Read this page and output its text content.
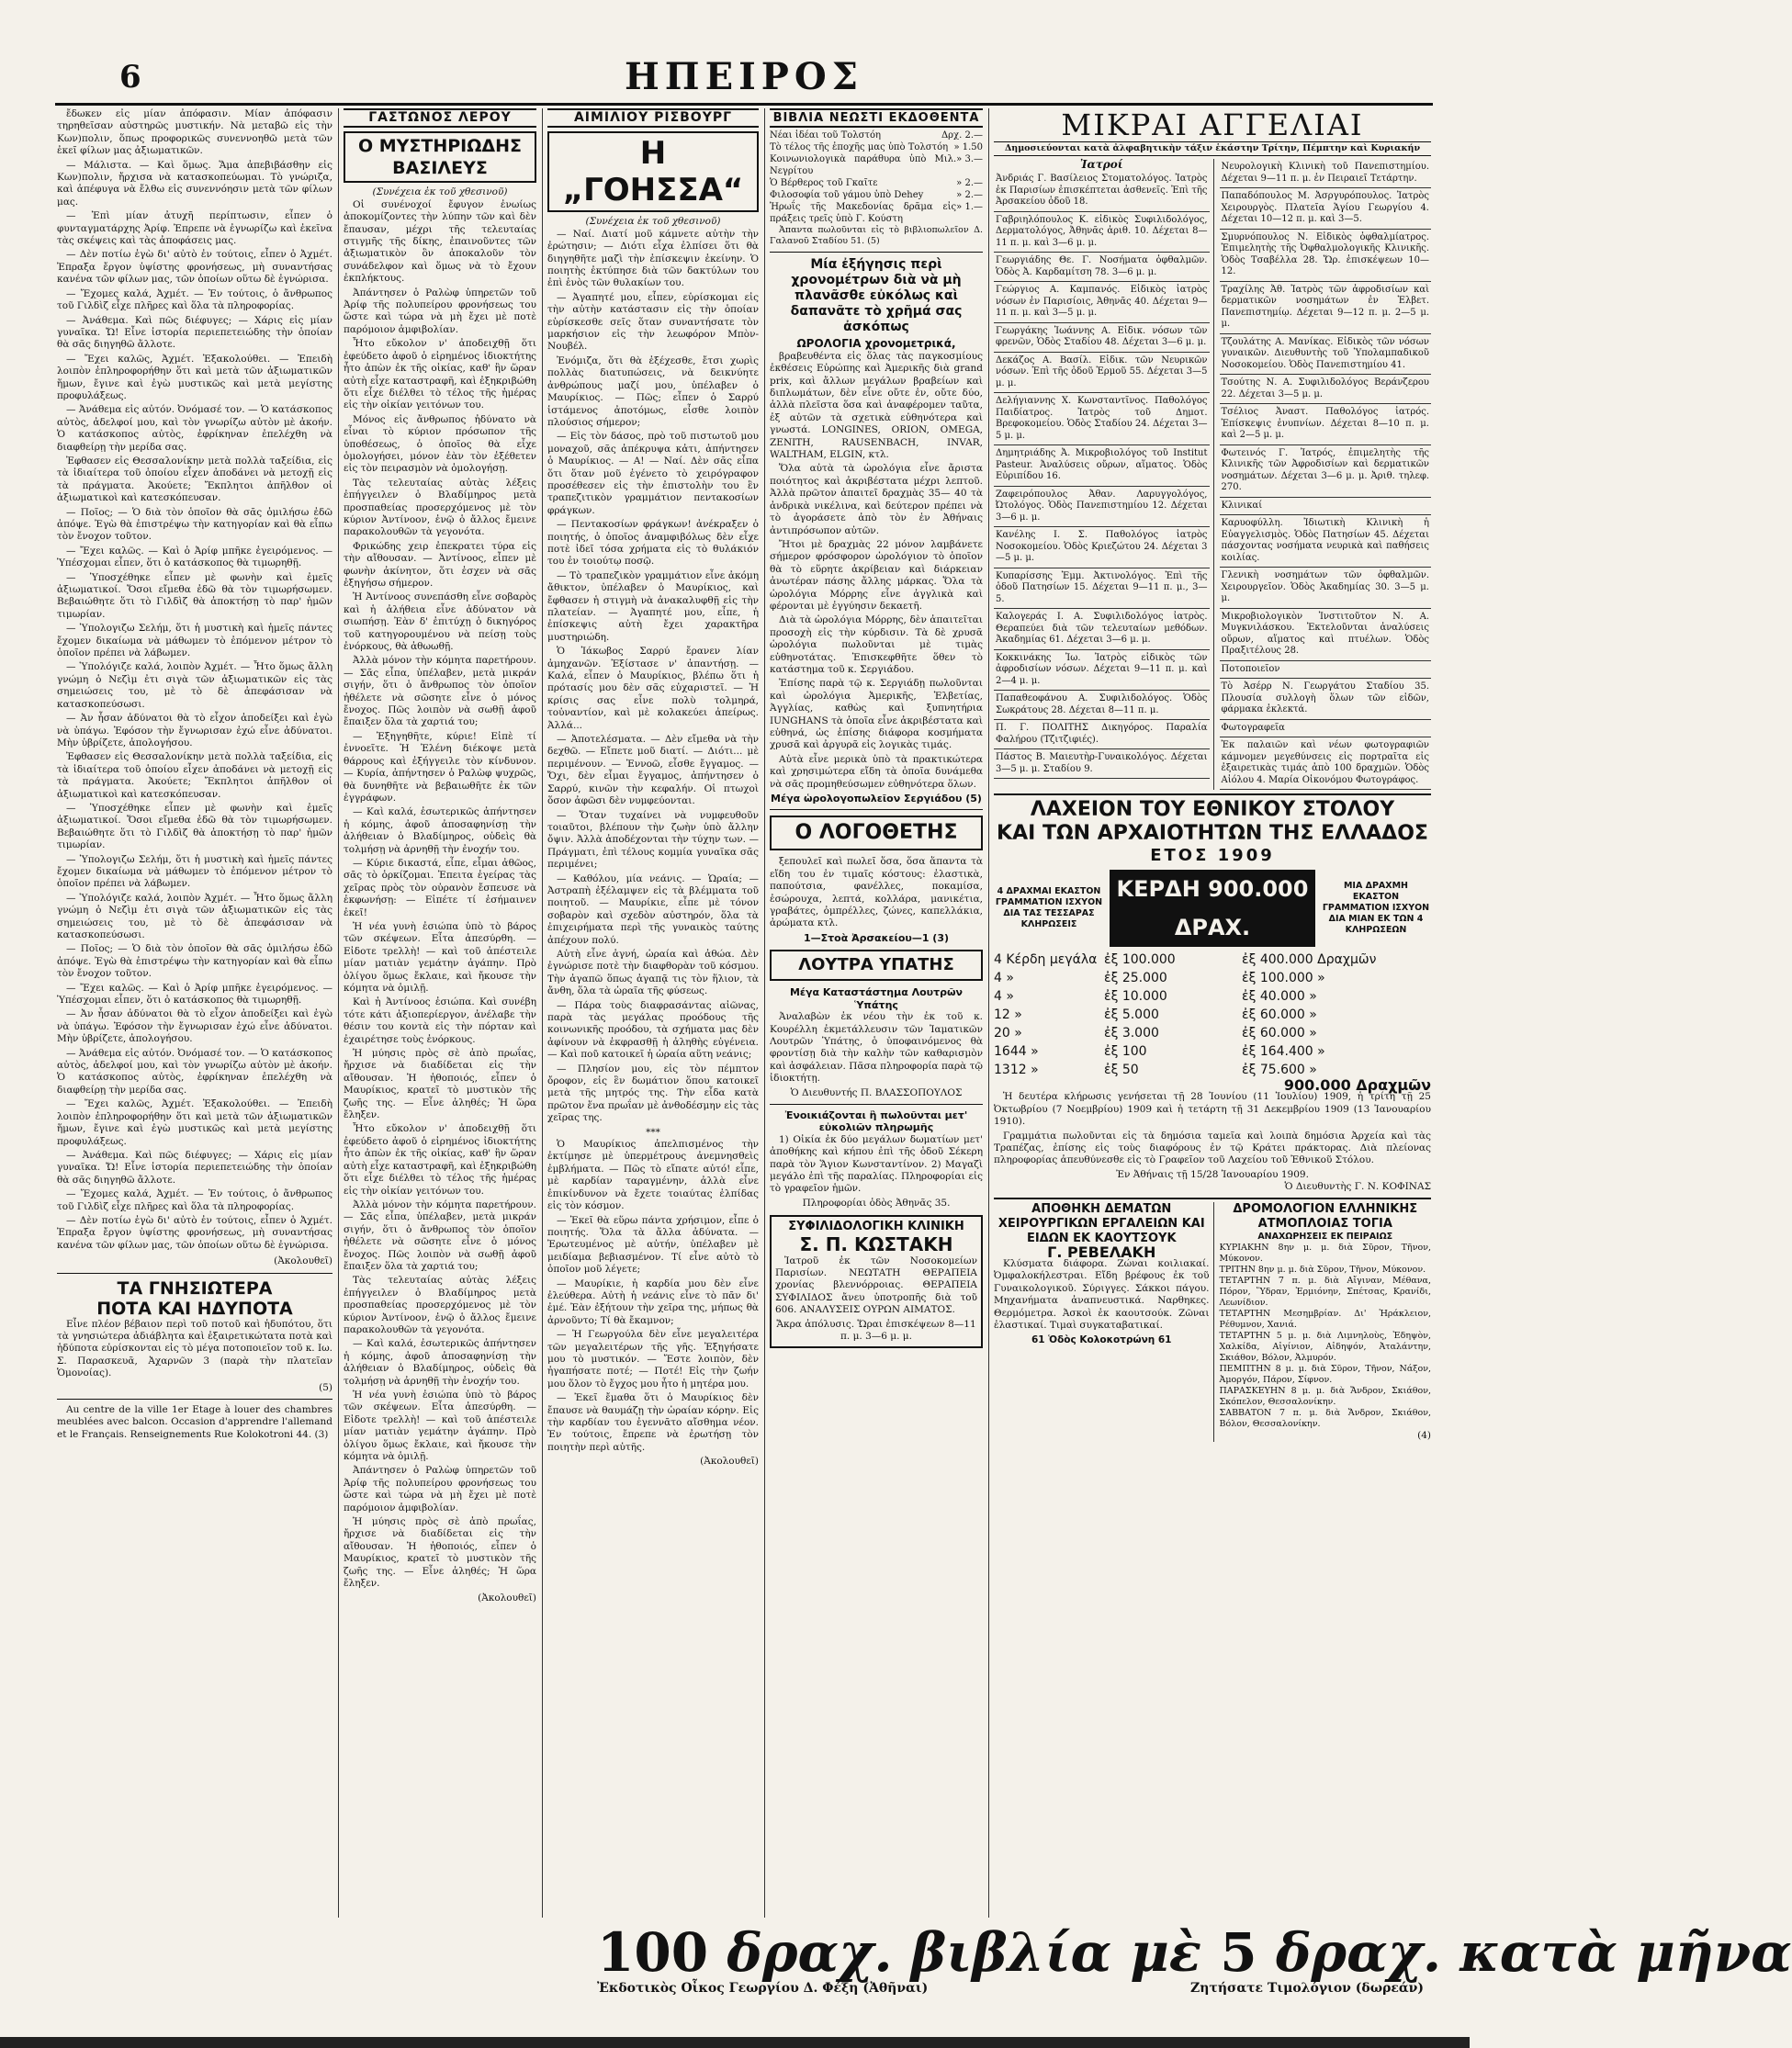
6	ΗΠΕΙΡΟΣ

ἔδωκεν εἰς μίαν ἀπόφασιν. Μίαν ἀπόφασιν τηρηθεῖσαν αὐστηρῶς μυστικήν. Νὰ μεταβῶ εἰς τὴν Κων)πολιν, ὅπως προφορικῶς συνεννοηθῶ μετὰ τῶν ἐκεῖ φίλων μας ἀξιωματικῶν.

— Μάλιστα. — Καὶ ὅμως. Ἅμα ἀπεβιβάσθην εἰς Κων)πολιν, ἤρχισα νὰ κατασκοπεύωμαι. Τὸ γνώριζα, καὶ ἀπέφυγα νὰ ἔλθω εἰς συνεννόησιν μετὰ τῶν φίλων μας.

— Ἐπὶ μίαν ἀτυχῆ περίπτωσιν, εἶπεν ὁ φυνταγματάρχης Ἀρίφ. Ἐπρεπε νὰ ἐγνωρίζω καὶ ἐκεῖνα τὰς σκέψεις καὶ τὰς ἀποφάσεις μας.

— Δὲν ποτίω ἐγὼ δι' αὐτὸ ἐν τούτοις, εἶπεν ὁ Ἀχμέτ. Ἐπραξα ἔργον ὑψίστης φρονήσεως, μὴ συναντήσας κανένα τῶν φίλων μας, τῶν ὁποίων οὕτω δὲ ἐγνώρισα.

— Ἔχομες καλά, Ἀχμέτ. — Ἐν τούτοις, ὁ ἄνθρωπος τοῦ Γιλδὶζ εἶχε πλῆρες καὶ ὅλα τὰ πληροφορίας.

— Ἀνάθεμα. Καὶ πῶς διέφυγες; — Χάρις εἰς μίαν γυναῖκα. Ὤ! Εἶνε ἱστορία περιεπετειώδης τὴν ὁποίαν θὰ σᾶς διηγηθῶ ἄλλοτε.

— Ἔχει καλῶς, Ἀχμέτ. Ἐξακολούθει. — Ἐπειδὴ λοιπὸν ἐπληροφορήθην ὅτι καὶ μετὰ τῶν ἀξιωματικῶν ἥμων, ἔγινε καὶ ἐγὼ μυστικῶς καὶ μετὰ μεγίστης προφυλάξεως.

— Ἀνάθεμα εἰς αὐτόν. Ὀνόμασέ τον. — Ὁ κατάσκοπος αὐτὸς, ἀδελφοί μου, καὶ τὸν γνωρίζω αὐτὸν μὲ ἀκοήν. Ὁ κατάσκοπος αὐτὸς, ἐφρίκηναν ἐπελέχθη νὰ διαφθείρῃ τὴν μερίδα σας.

Ἐφθασεν εἰς Θεσσαλονίκην μετὰ πολλὰ ταξείδια, εἰς τὰ ἰδιαίτερα τοῦ ὁποίου εἶχεν ἀποδάνει νὰ μετοχῇ εἰς τὰ πράγματα. Ἀκούετε; Ἔκπλητοι ἀπῆλθον οἱ ἀξιωματικοὶ καὶ κατεσκόπευσαν.

— Ποῖος; — Ὁ διὰ τὸν ὁποῖον θὰ σᾶς ὁμιλήσω ἐδῶ ἀπόψε. Ἐγὼ θὰ ἐπιστρέψω τὴν κατηγορίαν καὶ θὰ εἶπω τὸν ἔνοχον τοῦτον.

— Ἔχει καλῶς. — Καὶ ὁ Ἀρίφ μπῆκε ἐγειρόμενος. — Ὑπέσχομαι εἶπεν, ὅτι ὁ κατάσκοπος θὰ τιμωρηθῇ.

— Ὑποσχέθηκε εἶπεν μὲ φωνὴν καὶ ἐμεῖς ἀξιωματικοί. Ὅσοι εἴμεθα ἐδῶ θὰ τὸν τιμωρήσωμεν. Βεβαιώθητε ὅτι τὸ Γιλδὶζ θὰ ἀποκτήσῃ τὸ παρ' ἡμῶν τιμωρίαν.

— Ὑπολογιζω Σελήμ, ὅτι ἡ μυστικὴ καὶ ἡμεῖς πάντες ἔχομεν δικαίωμα νὰ μάθωμεν τὸ ἐπόμενον μέτρον τὸ ὁποῖον πρέπει νὰ λάβωμεν.

— Ὑπολόγιζε καλά, λοιπὸν Ἀχμέτ. — Ἦτο ὅμως ἄλλη γνώμη ὁ Νεζὶμ ἐτι σιγὰ τῶν ἀξιωματικῶν εἰς τὰς σημειώσεις του, μὲ τὸ δὲ ἀπεφάσισαν νὰ κατασκοπεύσωσι.

— Ἀν ἦσαν ἀδύνατοι θὰ τὸ εἶχον ἀποδείξει καὶ ἐγὼ νὰ ὑπάγω. Ἐφόσον τὴν ἔγνωρισαν ἐχώ εἶνε ἀδύνατοι. Μὴν ὑβρίζετε, ἀπολογήσου.

Ἐφθασεν εἰς Θεσσαλονίκην μετὰ πολλὰ ταξείδια, εἰς τὰ ἰδιαίτερα τοῦ ὁποίου εἶχεν ἀποδάνει νὰ μετοχῇ εἰς τὰ πράγματα. Ἀκούετε; Ἔκπλητοι ἀπῆλθον οἱ ἀξιωματικοὶ καὶ κατεσκόπευσαν.

— Ὑποσχέθηκε εἶπεν μὲ φωνὴν καὶ ἐμεῖς ἀξιωματικοί. Ὅσοι εἴμεθα ἐδῶ θὰ τὸν τιμωρήσωμεν. Βεβαιώθητε ὅτι τὸ Γιλδὶζ θὰ ἀποκτήσῃ τὸ παρ' ἡμῶν τιμωρίαν.

— Ὑπολογιζω Σελήμ, ὅτι ἡ μυστικὴ καὶ ἡμεῖς πάντες ἔχομεν δικαίωμα νὰ μάθωμεν τὸ ἐπόμενον μέτρον τὸ ὁποῖον πρέπει νὰ λάβωμεν.

— Ὑπολόγιζε καλά, λοιπὸν Ἀχμέτ. — Ἦτο ὅμως ἄλλη γνώμη ὁ Νεζὶμ ἐτι σιγὰ τῶν ἀξιωματικῶν εἰς τὰς σημειώσεις του, μὲ τὸ δὲ ἀπεφάσισαν νὰ κατασκοπεύσωσι.

— Ποῖος; — Ὁ διὰ τὸν ὁποῖον θὰ σᾶς ὁμιλήσω ἐδῶ ἀπόψε. Ἐγὼ θὰ ἐπιστρέψω τὴν κατηγορίαν καὶ θὰ εἶπω τὸν ἔνοχον τοῦτον.

— Ἔχει καλῶς. — Καὶ ὁ Ἀρίφ μπῆκε ἐγειρόμενος. — Ὑπέσχομαι εἶπεν, ὅτι ὁ κατάσκοπος θὰ τιμωρηθῇ.

— Ἀν ἦσαν ἀδύνατοι θὰ τὸ εἶχον ἀποδείξει καὶ ἐγὼ νὰ ὑπάγω. Ἐφόσον τὴν ἔγνωρισαν ἐχώ εἶνε ἀδύνατοι. Μὴν ὑβρίζετε, ἀπολογήσου.

— Ἀνάθεμα εἰς αὐτόν. Ὀνόμασέ τον. — Ὁ κατάσκοπος αὐτὸς, ἀδελφοί μου, καὶ τὸν γνωρίζω αὐτὸν μὲ ἀκοήν. Ὁ κατάσκοπος αὐτὸς, ἐφρίκηναν ἐπελέχθη νὰ διαφθείρῃ τὴν μερίδα σας.

— Ἔχει καλῶς, Ἀχμέτ. Ἐξακολούθει. — Ἐπειδὴ λοιπὸν ἐπληροφορήθην ὅτι καὶ μετὰ τῶν ἀξιωματικῶν ἥμων, ἔγινε καὶ ἐγὼ μυστικῶς καὶ μετὰ μεγίστης προφυλάξεως.

— Ἀνάθεμα. Καὶ πῶς διέφυγες; — Χάρις εἰς μίαν γυναῖκα. Ὤ! Εἶνε ἱστορία περιεπετειώδης τὴν ὁποίαν θὰ σᾶς διηγηθῶ ἄλλοτε.

— Ἔχομες καλά, Ἀχμέτ. — Ἐν τούτοις, ὁ ἄνθρωπος τοῦ Γιλδὶζ εἶχε πλῆρες καὶ ὅλα τὰ πληροφορίας.

— Δὲν ποτίω ἐγὼ δι' αὐτὸ ἐν τούτοις, εἶπεν ὁ Ἀχμέτ. Ἐπραξα ἔργον ὑψίστης φρονήσεως, μὴ συναντήσας κανένα τῶν φίλων μας, τῶν ὁποίων οὕτω δὲ ἐγνώρισα.

(Ἀκολουθεῖ)
ΤΑ ΓΝΗΣΙΩΤΕΡΑ
ΠΟΤΑ ΚΑΙ ΗΔΥΠΟΤΑ

Εἶνε πλέον βέβαιον περὶ τοῦ ποτοῦ καὶ ἡδυπότου, ὅτι τὰ γνησιώτερα ἀδιάβλητα καὶ ἐξαιρετικώτατα ποτὰ καὶ ἡδύποτα εὑρίσκονται εἰς τὸ μέγα ποτοποιεῖον τοῦ κ. Ιω. Σ. Παρασκευᾶ, Ἀχαρνῶν 3 (παρὰ τὴν πλατεῖαν Ὁμονοίας).

(5)

Au centre de la ville 1er Etage à louer des chambres meublées avec balcon. Occasion d'apprendre l'allemand et le Français. Renseignements Rue Kolokotroni 44. (3)

ΓΑΣΤΩΝΟΣ ΛΕΡΟΥ
Ο ΜΥΣΤΗΡΙΩΔΗΣ ΒΑΣΙΛΕΥΣ
(Συνέχεια ἐκ τοῦ χθεσινοῦ)

Οἱ συνένοχοί ἔφυγον ἐνωίως ἀποκομίζοντες τὴν λύπην τῶν καὶ δὲν ἔπαυσαν, μέχρι τῆς τελευταίας στιγμῆς τῆς δίκης, ἐπαινοῦντες τῶν ἀξιωματικὸν ὃν ἀποκαλοῦν τὸν συνάδελφον καὶ ὅμως νὰ τὸ ἔχουν ἐκπλήκτους.

Ἀπάντησεν ὁ Ραλὼφ ὑπηρετῶν τοῦ Ἀρίφ τῆς πολυπείρου φρονήσεως του ὥστε καὶ τώρα νὰ μὴ ἔχει μὲ ποτὲ παρόμοιον ἀμφιβολίαν.

Ἦτο εὔκολον ν' ἀποδειχθῇ ὅτι ἐφεύδετο ἀφοῦ ὁ εἰρημένος ἰδιοκτήτης ἦτο ἀπὼν ἐκ τῆς οἰκίας, καθ' ἣν ὥραν αὐτὴ εἶχε καταστραφῆ, καὶ ἐξηκριβώθη ὅτι εἶχε διέλθει τὸ τέλος τῆς ἡμέρας εἰς τὴν οἰκίαν γειτόνων του.

Μόνος εἰς ἄνθρωπος ἠδύνατο νὰ εἶναι τὸ κύριον πρόσωπον τῆς ὑποθέσεως, ὁ ὁποῖος θὰ εἶχε ὁμολογήσει, μόνον ἐὰν τὸν ἐξέθετεν εἰς τὸν πειρασμὸν νὰ ὁμολογήσῃ.

Τὰς τελευταίας αὐτὰς λέξεις ἐπήγγειλεν ὁ Βλαδίμηρος μετὰ προσπαθείας προσερχόμενος μὲ τὸν κύριον Ἀντίνοον, ἐνῷ ὁ ἄλλος ἔμεινε παρακολουθῶν τὰ γεγονότα.

Φρικώδης χειρ ἐπεκρατει τύρα εἰς τὴν αἴθουσαν. — Ἀντίνοος, εἶπεν μὲ φωνὴν ἀκίνητον, ὅτι ἐσχεν νὰ σᾶς ἐξηγήσω σήμερον.

Ἡ Ἀντίνοος συνεπάσθη εἶνε σοβαρὸς καὶ ἡ ἀλήθεια εἶνε ἀδύνατον νὰ σιωπήσῃ. Ἐὰν δ' ἐπιτύχῃ ὁ δικηγόρος τοῦ κατηγορουμένου νὰ πείσῃ τοὺς ἐνόρκους, θὰ ἀθωωθῇ.

Ἀλλὰ μόνον τὴν κόμητα παρετήρουν. — Σᾶς εἶπα, ὑπέλαβεν, μετὰ μικράν σιγήν, ὅτι ὁ ἄνθρωπος τὸν ὁποῖον ἠθέλετε νὰ σῶσητε εἶνε ὁ μόνος ἔνοχος. Πῶς λοιπὸν νὰ σωθῇ ἀφοῦ ἔπαιξεν ὅλα τὰ χαρτιά του;

— Ἐξηγηθῆτε, κύριε! Εἰπὲ τί ἐννοεῖτε. Ἡ Ἐλένη διέκοψε μετὰ θάρρους καὶ ἐξήγγειλε τὸν κίνδυνον. — Κυρία, ἀπήντησεν ὁ Ραλὼφ ψυχρῶς, θὰ δυνηθῆτε νὰ βεβαιωθῆτε ἐκ τῶν ἐγγράφων.

— Καὶ καλά, ἐσωτερικῶς ἀπήντησεν ἡ κόμης, ἀφοῦ ἀποσαφηνίσῃ τὴν ἀλήθειαν ὁ Βλαδίμηρος, οὐδεὶς θὰ τολμήσῃ νὰ ἀρνηθῇ τὴν ἐνοχήν του.

— Κύριε δικαστά, εἶπε, εἶμαι ἀθῶος, σᾶς τὸ ὁρκίζομαι. Ἐπειτα ἐγείρας τὰς χεῖρας πρὸς τὸν οὐρανὸν ἔσπευσε νὰ ἐκφωνήσῃ: — Εἰπέτε τί ἐσήμαινεν ἐκεῖ!

Ἡ νέα γυνὴ ἐσιώπα ὑπὸ τὸ βάρος τῶν σκέψεων. Εἶτα ἀπεσύρθη. — Εἰδοτε τρελλὴ! — καὶ τοῦ ἀπέστειλε μίαν ματιὰν γεμάτην ἀγάπην. Πρὸ ὀλίγου ὅμως ἔκλαιε, καὶ ἤκουσε τὴν κόμητα νὰ ὁμιλῇ.

Καὶ ἡ Ἀντίνοος ἐσιώπα. Καὶ συνέβη τότε κάτι ἀξιοπερίεργον, ἀνέλαβε τὴν θέσιν του κοντὰ εἰς τὴν πόρταν καὶ ἐχαιρέτησε τοὺς ἐνόρκους.

Ἡ μύησις πρὸς σὲ ἀπὸ πρωΐας, ἤρχισε νὰ διαδίδεται εἰς τὴν αἴθουσαν. Ἡ ἠθοποιός, εἶπεν ὁ Μαυρίκιος, κρατεῖ τὸ μυστικὸν τῆς ζωῆς της. — Εἶνε ἀληθές; Ἡ ὥρα ἔληξεν.

Ἦτο εὔκολον ν' ἀποδειχθῇ ὅτι ἐφεύδετο ἀφοῦ ὁ εἰρημένος ἰδιοκτήτης ἦτο ἀπὼν ἐκ τῆς οἰκίας, καθ' ἣν ὥραν αὐτὴ εἶχε καταστραφῆ, καὶ ἐξηκριβώθη ὅτι εἶχε διέλθει τὸ τέλος τῆς ἡμέρας εἰς τὴν οἰκίαν γειτόνων του.

Ἀλλὰ μόνον τὴν κόμητα παρετήρουν. — Σᾶς εἶπα, ὑπέλαβεν, μετὰ μικράν σιγήν, ὅτι ὁ ἄνθρωπος τὸν ὁποῖον ἠθέλετε νὰ σῶσητε εἶνε ὁ μόνος ἔνοχος. Πῶς λοιπὸν νὰ σωθῇ ἀφοῦ ἔπαιξεν ὅλα τὰ χαρτιά του;

Τὰς τελευταίας αὐτὰς λέξεις ἐπήγγειλεν ὁ Βλαδίμηρος μετὰ προσπαθείας προσερχόμενος μὲ τὸν κύριον Ἀντίνοον, ἐνῷ ὁ ἄλλος ἔμεινε παρακολουθῶν τὰ γεγονότα.

— Καὶ καλά, ἐσωτερικῶς ἀπήντησεν ἡ κόμης, ἀφοῦ ἀποσαφηνίσῃ τὴν ἀλήθειαν ὁ Βλαδίμηρος, οὐδεὶς θὰ τολμήσῃ νὰ ἀρνηθῇ τὴν ἐνοχήν του.

Ἡ νέα γυνὴ ἐσιώπα ὑπὸ τὸ βάρος τῶν σκέψεων. Εἶτα ἀπεσύρθη. — Εἰδοτε τρελλὴ! — καὶ τοῦ ἀπέστειλε μίαν ματιὰν γεμάτην ἀγάπην. Πρὸ ὀλίγου ὅμως ἔκλαιε, καὶ ἤκουσε τὴν κόμητα νὰ ὁμιλῇ.

Ἀπάντησεν ὁ Ραλὼφ ὑπηρετῶν τοῦ Ἀρίφ τῆς πολυπείρου φρονήσεως του ὥστε καὶ τώρα νὰ μὴ ἔχει μὲ ποτὲ παρόμοιον ἀμφιβολίαν.

Ἡ μύησις πρὸς σὲ ἀπὸ πρωΐας, ἤρχισε νὰ διαδίδεται εἰς τὴν αἴθουσαν. Ἡ ἠθοποιός, εἶπεν ὁ Μαυρίκιος, κρατεῖ τὸ μυστικὸν τῆς ζωῆς της. — Εἶνε ἀληθές; Ἡ ὥρα ἔληξεν.

(Ἀκολουθεῖ)
ΑΙΜΙΛΙΟΥ ΡΙΣΒΟΥΡΓ
Η „ΓΟΗΣΣΑ“
(Συνέχεια ἐκ τοῦ χθεσινοῦ)

— Ναί. Διατί μοῦ κάμνετε αὐτὴν τὴν ἐρώτησιν; — Διότι εἶχα ἐλπίσει ὅτι θὰ διηγηθῆτε μαζὶ τὴν ἐπίσκεψιν ἐκείνην. Ὁ ποιητὴς ἐκτύπησε διὰ τῶν δακτύλων του ἐπὶ ἑνὸς τῶν θυλακίων του.

— Ἀγαπητέ μου, εἶπεν, εὑρίσκομαι εἰς τὴν αὐτὴν κατάστασιν εἰς τὴν ὁποίαν εὑρίσκεσθε σεῖς ὅταν συναντήσατε τὸν μαρκήσιον εἰς τὴν λεωφόρον Μπὸν-Νουβέλ.

Ἐνόμιζα, ὅτι θὰ ἐξέχεσθε, ἔτσι χωρὶς πολλὰς διατυπώσεις, νὰ δεικνύητε ἀνθρώπους μαζί μου, ὑπέλαβεν ὁ Μαυρίκιος. — Πῶς; εἶπεν ὁ Σαρρύ ἱστάμενος ἀποτόμως, εἶσθε λοιπὸν πλούσιος σήμερον;

— Εἰς τὸν δάσος, πρὸ τοῦ πιστωτοῦ μου μοναχοῦ, σᾶς ἀπέκρυψα κἀτι, ἀπήντησεν ὁ Μαυρίκιος. — Α! — Ναί. Δὲν σᾶς εἶπα ὅτι ὅταν μοῦ ἐγένετο τὸ χειρόγραφον προσέθεσεν εἰς τὴν ἐπιστολὴν του ἓν τραπεζιτικὸν γραμμάτιον πεντακοσίων φράγκων.

— Πεντακοσίων φράγκων! ἀνέκραξεν ὁ ποιητής, ὁ ὁποῖος ἀναμφιβόλως δὲν εἶχε ποτὲ ἰδεῖ τόσα χρήματα εἰς τὸ θυλάκιόν του ἐν τοιούτῳ ποσῷ.

— Τὸ τραπεζικὸν γραμμάτιον εἶνε ἀκόμη ἄθικτον, ὑπέλαβεν ὁ Μαυρίκιος, καὶ ἔφθασεν ἡ στιγμὴ νὰ ἀνακαλυφθῇ εἰς τὴν πλατείαν. — Ἀγαπητέ μου, εἶπε, ἡ ἐπίσκεψις αὐτὴ ἔχει χαρακτῆρα μυστηριώδη.

Ὁ Ἰάκωβος Σαρρύ ἔρανεν λίαν ἀμηχανῶν. Ἐξίστασε ν' ἀπαντήσῃ. — Καλά, εἶπεν ὁ Μαυρίκιος, βλέπω ὅτι ἡ πρότασίς μου δὲν σᾶς εὐχαριστεῖ. — Ἡ κρίσις σας εἶνε πολὺ τολμηρά, τοὐναντίον, καὶ μὲ κολακεύει ἀπείρως. Ἀλλά...

— Ἀποτελέσματα. — Δὲν εἴμεθα νὰ τὴν δεχθῶ. — Εἴπετε μοῦ διατί. — Διότι... μὲ περιμένουν. — Ἐννοῶ, εἶσθε ἔγγαμος. — Ὄχι, δὲν εἶμαι ἔγγαμος, ἀπήντησεν ὁ Σαρρύ, κινῶν τὴν κεφαλήν. Οἱ πτωχοὶ ὅσον ἀφῶσι δὲν νυμφεύονται.

— Ὅταν τυχαίνει νὰ νυμφευθοῦν τοιαῦτοι, βλέπουν τὴν ζωὴν ὑπὸ ἄλλην ὄψιν. Ἀλλὰ ἀποδέχονται τὴν τύχην των. — Πράγματι, ἐπὶ τέλους κομμία γυναῖκα σᾶς περιμένει;

— Καθόλου, μία νεάνις. — Ὡραία; — Ἀστραπὴ ἐξέλαμψεν εἰς τὰ βλέμματα τοῦ ποιητοῦ. — Μαυρίκιε, εἶπε μὲ τόνον σοβαρὸν καὶ σχεδὸν αὐστηρόν, ὅλα τὰ ἐπιχειρήματα περὶ τῆς γυναικὸς ταύτης ἀπέχουν πολύ.

Αὐτὴ εἶνε ἁγνή, ὡραία καὶ ἀθώα. Δὲν ἐγνώρισε ποτὲ τὴν διαφθορὰν τοῦ κόσμου. Τὴν ἀγαπῶ ὅπως ἀγαπᾷ τις τὸν ἥλιον, τὰ ἄνθη, ὅλα τὰ ὡραῖα τῆς φύσεως.

— Πάρα τοὺς διαφρασάντας αἰῶνας, παρὰ τὰς μεγάλας προόδους τῆς κοινωνικῆς προόδου, τὰ σχήματα μας δὲν ἀφίνουν νὰ ἐκφρασθῇ ἡ ἀληθὴς εὐγένεια. — Καὶ ποῦ κατοικεῖ ἡ ὡραία αὕτη νεάνις;

— Πλησίον μου, εἰς τὸν πέμπτον ὄροφον, εἰς ἓν δωμάτιον ὅπου κατοικεῖ μετὰ τῆς μητρός της. Τὴν εἶδα κατὰ πρῶτον ἕνα πρωΐαν μὲ ἀνθοδέσμην εἰς τὰς χεῖρας της.

***

Ὁ Μαυρίκιος ἀπελπισμένος τὴν ἐκτίμησε μὲ ὑπερμέτρους ἀνεμνησθεὶς ἐμβλήματα. — Πῶς τὸ εἴπατε αὐτό! εἶπε, μὲ καρδίαν ταραγμένην, ἀλλὰ εἶνε ἐπικίνδυνον νὰ ἔχετε τοιαύτας ἐλπίδας εἰς τὸν κόσμον.

— Ἐκεῖ θὰ εὕρω πάντα χρήσιμον, εἶπε ὁ ποιητής. Ὅλα τὰ ἄλλα ἀδύνατα. — Ἐρωτευμένος μὲ αὐτήν, ὑπέλαβεν μὲ μειδίαμα βεβιασμένον. Τί εἶνε αὐτὸ τὸ ὁποῖον μοῦ λέγετε;

— Μαυρίκιε, ἡ καρδία μου δὲν εἶνε ἐλεύθερα. Αὐτὴ ἡ νεάνις εἶνε τὸ πᾶν δι' ἐμέ. Ἐὰν ἐξήτουν τὴν χεῖρα της, μήπως θὰ ἀρνοῦντο; Τί θὰ ἔκαμνον;

— Ἡ Γεωργούλα δὲν εἶνε μεγαλειτέρα τῶν μεγαλειτέρων τῆς γῆς. Ἐξηγήσατε μου τὸ μυστικόν. — Ἔστε λοιπὸν, δὲν ἠγαπήσατε ποτέ; — Ποτέ! Εἰς τὴν ζωήν μου ὅλον τὸ ἔγχος μου ἦτο ἡ μητέρα μου.

— Ἐκεῖ ἔμαθα ὅτι ὁ Μαυρίκιος δὲν ἔπαυσε νὰ θαυμάζῃ τὴν ὡραίαν κόρην. Εἰς τὴν καρδίαν του ἐγεννᾶτο αἴσθημα νέον. Ἐν τούτοις, ἔπρεπε νὰ ἐρωτήσῃ τὸν ποιητὴν περὶ αὐτῆς.

(Ἀκολουθεῖ)
ΒΙΒΛΙΑ ΝΕΩΣΤΙ ΕΚΔΟΘΕΝΤΑ
Νέαι ἰδέαι τοῦ Τολστόη	Δρχ. 2.—
Τὸ τέλος τῆς ἐποχῆς μας ὑπὸ Τολστόη » 1.50
Κοινωνιολογικὰ παράθυρα ὑπὸ Μιλ. Νεγρίτου
» 3.—
Ὁ Βέρθερος τοῦ Γκαῖτε	» 2.—
Φιλοσοφία τοῦ γάμου ὑπὸ Dehey	» 2.—
Ἡρωΐς τῆς Μακεδονίας δρᾶμα εἰς πράξεις τρεῖς ὑπὸ Γ. Κούστη
» 1.—

Ἀπαντα πωλοῦνται εἰς τὸ βιβλιοπωλεῖον Δ. Γαλανοῦ Σταδίου 51. (5)

Μία ἐξήγησις περὶ χρονομέτρων διὰ νὰ μὴ πλανᾶσθε εὐκόλως καὶ δαπανᾶτε τὸ χρῆμά σας ἀσκόπως
ΩΡΟΛΟΓΙΑ χρονομετρικά,

βραβευθέντα εἰς ὅλας τὰς παγκοσμίους ἐκθέσεις Εὐρώπης καὶ Ἀμερικῆς διὰ grand prix, καὶ ἄλλων μεγάλων βραβείων καὶ διπλωμάτων, δὲν εἶνε οὔτε ἐν, οὔτε δύο, ἀλλὰ πλεῖστα ὅσα καὶ ἀναφέρομεν ταῦτα, ἐξ αὐτῶν τὰ σχετικὰ εὐθηνότερα καὶ γνωστά. LONGINES, ORION, OMEGA, ZENITH, RAUSENBACH, INVAR, WALTHAM, ELGIN, κτλ.

Ὅλα αὐτὰ τὰ ὡρολόγια εἶνε ἄριστα ποιότητος καὶ ἀκριβέστατα μέχρι λεπτοῦ. Ἀλλὰ πρῶτον ἀπαιτεῖ δραχμὰς 35— 40 τὰ ἀνδρικὰ νικέλινα, καὶ δεύτερον πρέπει νὰ τὸ ἀγοράσετε ἀπὸ τὸν ἐν Ἀθήναις ἀντιπρόσωπον αὐτῶν.

Ἤτοι μὲ δραχμὰς 22 μόνον λαμβάνετε σήμερον φρόσφορον ὡρολόγιον τὸ ὁποῖον θὰ τὸ εὕρητε ἀκρίβειαν καὶ διάρκειαν ἀνωτέραν πάσης ἄλλης μάρκας. Ὅλα τὰ ὡρολόγια Μόρρης εἶνε ἀγγλικὰ καὶ φέρονται μὲ ἐγγύησιν δεκαετῆ.

Διὰ τὰ ὡρολόγια Μόρρης, δὲν ἀπαιτεῖται προσοχὴ εἰς τὴν κύρδισιν. Τὰ δὲ χρυσᾶ ὡρολόγια πωλοῦνται μὲ τιμὰς εὐθηνοτάτας. Ἐπισκεφθῆτε ὅθεν τὸ κατάστημα τοῦ κ. Σεργιάδου.

Ἐπίσης παρὰ τῷ κ. Σεργιάδῃ πωλοῦνται καὶ ὡρολόγια Ἀμερικῆς, Ἑλβετίας, Ἀγγλίας, καθὼς καὶ ξυπνητήρια IUNGHANS τὰ ὁποῖα εἶνε ἀκριβέστατα καὶ εὐθηνά, ὡς ἐπίσης διάφορα κοσμήματα χρυσᾶ καὶ ἀργυρᾶ εἰς λογικὰς τιμάς.

Αὐτὰ εἶνε μερικὰ ὑπὸ τὰ πρακτικώτερα καὶ χρησιμώτερα εἴδη τὰ ὁποῖα δυνάμεθα νὰ σᾶς προμηθεύσωμεν εὐθηνότερα ὅλων.

Μέγα ὡρολογοπωλεῖον Σεργιάδου (5)
Ο ΛΟΓΟΘΕΤΗΣ

ξεπουλεῖ καὶ πωλεῖ ὅσα, ὅσα ἅπαντα τὰ εἴδη του ἐν τιμαῖς κόστους: ἐλαστικὰ, παπούτσια, φανέλλες, ποκαμίσα, ἐσώρουχα, λεπτά, κολλάρα, μανικέτια, γραβάτες, ὀμπρέλλες, ζώνες, καπελλάκια, ἀρώματα κτλ.

1—Στοὰ Ἀρσακείου—1 (3)
ΛΟΥΤΡΑ ΥΠΑΤΗΣ
Μέγα Καταστάστημα Λουτρῶν Ὑπάτης

Ἀναλαβὼν ἐκ νέου τὴν ἐκ τοῦ κ. Κουρέλλη ἐκμετάλλευσιν τῶν Ἱαματικῶν Λουτρῶν Ὑπάτης, ὁ ὑποφαινόμενος θὰ φροντίσῃ διὰ τὴν καλὴν τῶν καθαρισμὸν καὶ ἀσφάλειαν. Πᾶσα πληροφορία παρὰ τῷ ἰδιοκτήτῃ.

Ὁ Διευθυντής Π. ΒΛΑΣΣΟΠΟΥΛΟΣ
Ἐνοικιάζονται ἢ πωλοῦνται μετ' εὐκολιῶν πληρωμῆς

1) Οἰκία ἐκ δύο μεγάλων δωματίων μετ' ἀποθήκης καὶ κήπου ἐπὶ τῆς ὁδοῦ Σέκερη παρὰ τὸν Ἅγιον Κωνσταντίνον. 2) Μαγαζὶ μεγάλο ἐπὶ τῆς παραλίας. Πληροφορίαι εἰς τὸ γραφεῖον ἡμῶν.

Πληροφορίαι ὁδὸς Ἀθηνᾶς 35.
ΣΥΦΙΛΙΔΟΛΟΓΙΚΗ ΚΛΙΝΙΚΗ
Σ. Π. ΚΩΣΤΑΚΗ

Ἰατροῦ ἐκ τῶν Νοσοκομείων Παρισίων. ΝΕΩΤΑΤΗ ΘΕΡΑΠΕΙΑ χρονίας βλεννόρροιας. ΘΕΡΑΠΕΙΑ ΣΥΦΙΛΙΔΟΣ ἄνευ ὑποτροπῆς διὰ τοῦ 606. ΑΝΑΛΥΣΕΙΣ ΟΥΡΩΝ ΑΙΜΑΤΟΣ.

Ἄκρα ἀπόλυσις. Ὥραι ἐπισκέψεων 8—11 π. μ. 3—6 μ. μ.
ΜΙΚΡΑΙ ΑΓΓΕΛΙΑΙ
Δημοσιεύονται κατὰ ἀλφαβητικὴν τάξιν ἑκάστην Τρίτην, Πέμπτην καὶ Κυριακήν
Ἰατροί
Ἀνδριάς Γ. Βασίλειος Στοματολόγος. Ἰατρὸς ἐκ Παρισίων ἐπισκέπτεται ἀσθενεῖς. Ἐπὶ τῆς Ἀρσακείου ὁδοῦ 18.
Γαβριηλόπουλος Κ. εἰδικὸς Συφιλιδολόγος, Δερματολόγος, Ἀθηνᾶς ἀριθ. 10. Δέχεται 8—11 π. μ. καὶ 3—6 μ. μ.
Γεωργιάδης Θε. Γ. Νοσήματα ὀφθαλμῶν. Ὁδὸς Ἀ. Καρδαμίτση 78. 3—6 μ. μ.
Γεώργιος Α. Καμπανός. Εἰδικὸς ἰατρὸς νόσων ἐν Παρισίοις, Ἀθηνᾶς 40. Δέχεται 9—11 π. μ. καὶ 3—5 μ. μ.
Γεωργάκης Ἰωάννης Α. Εἰδικ. νόσων τῶν φρενῶν, Ὁδὸς Σταδίου 48. Δέχεται 3—6 μ. μ.
Δεκάζος Α. Βασίλ. Εἰδικ. τῶν Νευρικῶν νόσων. Ἐπὶ τῆς ὁδοῦ Ἑρμοῦ 55. Δέχεται 3—5 μ. μ.
Δελήγιαννης Χ. Κωνσταντῖνος. Παθολόγος Παιδίατρος. Ἰατρὸς τοῦ Δημοτ. Βρεφοκομείου. Ὁδὸς Σταδίου 24. Δέχεται 3—5 μ. μ.
Δημητριάδης Ἀ. Μικροβιολόγος τοῦ Institut Pasteur. Ἀναλύσεις οὔρων, αἵματος. Ὁδὸς Εὐριπίδου 16.
Ζαφειρόπουλος Ἀθαν. Λαρυγγολόγος, Ὠτολόγος. Ὁδὸς Πανεπιστημίου 12. Δέχεται 3—6 μ. μ.
Κανέλης Ι. Σ. Παθολόγος ἰατρὸς Νοσοκομείου. Ὁδὸς Κριεζώτου 24. Δέχεται 3—5 μ. μ.
Κυπαρίσσης Ἐμμ. Ἀκτινολόγος. Ἐπὶ τῆς ὁδοῦ Πατησίων 15. Δέχεται 9—11 π. μ., 3—5.
Καλογεράς Ι. Α. Συφιλιδολόγος ἰατρὸς. Θεραπεύει διὰ τῶν τελευταίων μεθόδων. Ἀκαδημίας 61. Δέχεται 3—6 μ. μ.
Κοκκινάκης Ἰω. Ἰατρὸς εἰδικὸς τῶν ἀφροδισίων νόσων. Δέχεται 9—11 π. μ. καὶ 2—4 μ. μ.
Παπαθεοφάνου Α. Συφιλιδολόγος. Ὁδὸς Σωκράτους 28. Δέχεται 8—11 π. μ.
Π. Γ. ΠΟΛΙΤΗΣ Δικηγόρος. Παραλία Φαλήρου (Τζιτζιφιές).
Πάστος Β. Μαιευτὴρ-Γυναικολόγος. Δέχεται 3—5 μ. μ. Σταδίου 9.
Νευρολογικὴ Κλινικὴ τοῦ Πανεπιστημίου. Δέχεται 9—11 π. μ. ἐν Πειραιεῖ Τετάρτην.
Παπαδόπουλος Μ. Ἀσργυρόπουλος. Ἰατρὸς Χειρουργὸς. Πλατεῖα Ἁγίου Γεωργίου 4. Δέχεται 10—12 π. μ. καὶ 3—5.
Σμυρνόπουλος Ν. Εἰδικὸς ὀφθαλμίατρος. Ἐπιμελητὴς τῆς Ὀφθαλμολογικῆς Κλινικῆς. Ὁδὸς Τσαβέλλα 28. Ὥρ. ἐπισκέψεων 10—12.
Τραχίλης Ἀθ. Ἰατρὸς τῶν ἀφροδισίων καὶ δερματικῶν νοσημάτων ἐν Ἑλβετ. Πανεπιστημίῳ. Δέχεται 9—12 π. μ. 2—5 μ. μ.
Τζουλάτης Α. Μανίκας. Εἰδικὸς τῶν νόσων γυναικῶν. Διευθυντὴς τοῦ Ὑπολαμπαδικοῦ Νοσοκομείου. Ὁδὸς Πανεπιστημίου 41.
Τσούτης Ν. Α. Συφιλιδολόγος Βεράνζερου 22. Δέχεται 3—5 μ. μ.
Τσέλιος Ἀναστ. Παθολόγος ἰατρός. Ἐπίσκεψις ἐνυπνίων. Δέχεται 8—10 π. μ. καὶ 2—5 μ. μ.
Φωτεινός Γ. Ἰατρός, ἐπιμελητὴς τῆς Κλινικῆς τῶν Ἀφροδισίων καὶ δερματικῶν νοσημάτων. Δέχεται 3—6 μ. μ. Ἀριθ. τηλεφ. 270.
Κλινικαί
Καρυοφύλλη. Ἰδιωτικὴ Κλινικὴ ἡ Εὐαγγελισμὸς. Ὁδὸς Πατησίων 45. Δέχεται πάσχοντας νοσήματα νευρικὰ καὶ παθήσεις κοιλίας.
Γλενικὴ νοσημάτων τῶν ὀφθαλμῶν. Χειρουργεῖον. Ὁδὸς Ἀκαδημίας 30. 3—5 μ. μ.
Μικροβιολογικὸν Ἰνστιτοῦτον Ν. Α. Μυγκνιλάσκου. Ἐκτελοῦνται ἀναλύσεις οὔρων, αἵματος καὶ πτυέλων. Ὁδὸς Πραξιτέλους 28.
Ποτοποιεῖον
Τὸ Ἀσέρρ Ν. Γεωργάτου Σταδίου 35. Πλουσία συλλογὴ ὅλων τῶν εἰδῶν, φάρμακα ἐκλεκτά.
Φωτογραφεῖα
Ἐκ παλαιῶν καὶ νέων φωτογραφιῶν κάμνομεν μεγεθύνσεις εἰς πορτραῖτα εἰς ἐξαιρετικὰς τιμάς ἀπὸ 100 δραχμῶν. Ὁδὸς Αἰόλου 4. Μαρία Οἰκονόμου Φωτογράφος.
ΛΑΧΕΙΟΝ ΤΟΥ ΕΘΝΙΚΟΥ ΣΤΟΛΟΥ
ΚΑΙ ΤΩΝ ΑΡΧΑΙΟΤΗΤΩΝ ΤΗΣ ΕΛΛΑΔΟΣ
ΕΤΟΣ 1909
4 ΔΡΑΧΜΑΙ ΕΚΑΣΤΟΝ ΓΡΑΜΜΑΤΙΟΝ ΙΣΧΥΟΝ ΔΙΑ ΤΑΣ ΤΕΣΣΑΡΑΣ ΚΛΗΡΩΣΕΙΣ
ΚΕΡΔΗ 900.000 ΔΡΑΧ.
ΜΙΑ ΔΡΑΧΜΗ ΕΚΑΣΤΟΝ ΓΡΑΜΜΑΤΙΟΝ ΙΣΧΥΟΝ ΔΙΑ ΜΙΑΝ ΕΚ ΤΩΝ 4 ΚΛΗΡΩΣΕΩΝ
4 Κέρδη μεγάλα ἐξ 100.000	ἐξ 400.000 Δραχμῶν
4 »	ἐξ 25.000	ἐξ 100.000 »
4 »	ἐξ 10.000	ἐξ 40.000 »
12 »	ἐξ 5.000	ἐξ 60.000 »
20 »	ἐξ 3.000	ἐξ 60.000 »
1644 »	ἐξ 100	ἐξ 164.400 »
1312 »	ἐξ 50	ἐξ 75.600 »
900.000 Δραχμῶν

Ἡ δευτέρα κλήρωσις γενήσεται τῇ 28 Ἰουνίου (11 Ἰουλίου) 1909, ἡ τρίτη τῇ 25 Ὀκτωβρίου (7 Νοεμβρίου) 1909 καὶ ἡ τετάρτη τῇ 31 Δεκεμβρίου 1909 (13 Ἰανουαρίου 1910).

Γραμμάτια πωλοῦνται εἰς τὰ δημόσια ταμεῖα καὶ λοιπὰ δημόσια Ἀρχεία καὶ τὰς Τραπέζας, ἐπίσης εἰς τοὺς διαφόρους ἐν τῷ Κράτει πράκτορας. Διὰ πλείονας πληροφορίας ἀπευθύνεσθε εἰς τὸ Γραφεῖον τοῦ Λαχείου τοῦ Ἐθνικοῦ Στόλου.

Ἐν Ἀθήναις τῇ 15/28 Ἰανουαρίου 1909.
Ὁ Διευθυντὴς Γ. Ν. ΚΟΦΙΝΑΣ
ΑΠΟΘΗΚΗ ΔΕΜΑΤΩΝ ΧΕΙΡΟΥΡΓΙΚΩΝ ΕΡΓΑΛΕΙΩΝ ΚΑΙ ΕΙΔΩΝ ΕΚ ΚΑΟΥΤΣΟΥΚ
Γ. ΡΕΒΕΛΑΚΗ

Κλύσματα διάφορα. Ζώναι κοιλιακαί. Ὀμφαλοκήλεστραι. Εἴδη βρέφους ἐκ τοῦ Γυναικολογικοῦ. Σύριγγες. Σάκκοι πάγου. Μηχανήματα ἀναπνευστικά. Ναρθηκες. Θερμόμετρα. Ἀσκοὶ ἐκ καουτσούκ. Ζῶναι ἐλαστικαί. Τιμαὶ συγκαταβατικαί.

61 Ὁδὸς Κολοκοτρώνη 61
ΔΡΟΜΟΛΟΓΙΟΝ ΕΛΛΗΝΙΚΗΣ ΑΤΜΟΠΛΟΙΑΣ ΤΟΓΙΑ
ΑΝΑΧΩΡΗΣΕΙΣ ΕΚ ΠΕΙΡΑΙΩΣ
ΚΥΡΙΑΚΗΝ 8ην μ. μ. διὰ Σῦρον, Τῆνον, Μύκονον.
ΤΡΙΤΗΝ 8ην μ. μ. διὰ Σῦρον, Τῆνον, Μύκονον.
ΤΕΤΑΡΤΗΝ 7 π. μ. διὰ Αἴγιναν, Μέθανα, Πόρον, Ὕδραν, Ἑρμιόνην, Σπέτσας, Κρανίδι, Λεωνίδιον.
ΤΕΤΑΡΤΗΝ Μεσημβρίαν. Δι' Ἡράκλειον, Ρέθυμνον, Χανιά.
ΤΕΤΑΡΤΗΝ 5 μ. μ. διὰ Λιμνηλοὺς, Ἐδηψὸν, Χαλκίδα, Αἰγίνιον, Αἰδηψόν, Ἀταλάντην, Σκιάθον, Βόλον, Ἀλμυρόν.
ΠΕΜΠΤΗΝ 8 μ. μ. διὰ Σῦρον, Τῆνον, Νάξον, Ἀμοργόν, Πάρον, Σίφνον.
ΠΑΡΑΣΚΕΥΗΝ 8 μ. μ. διὰ Ἄνδρον, Σκιάθον, Σκόπελον, Θεσσαλονίκην.
ΣΑΒΒΑΤΟΝ 7 π. μ. διὰ Ἄνδρον, Σκιάθον, Βόλον, Θεσσαλονίκην.
(4)
100 δραχ. βιβλία μὲ 5 δραχ. κατὰ μῆνα
Ἐκδοτικὸς Οἶκος Γεωργίου Δ. Φέξη (Ἀθῆναι)	Ζητήσατε Τιμολόγιον (δωρεάν)
